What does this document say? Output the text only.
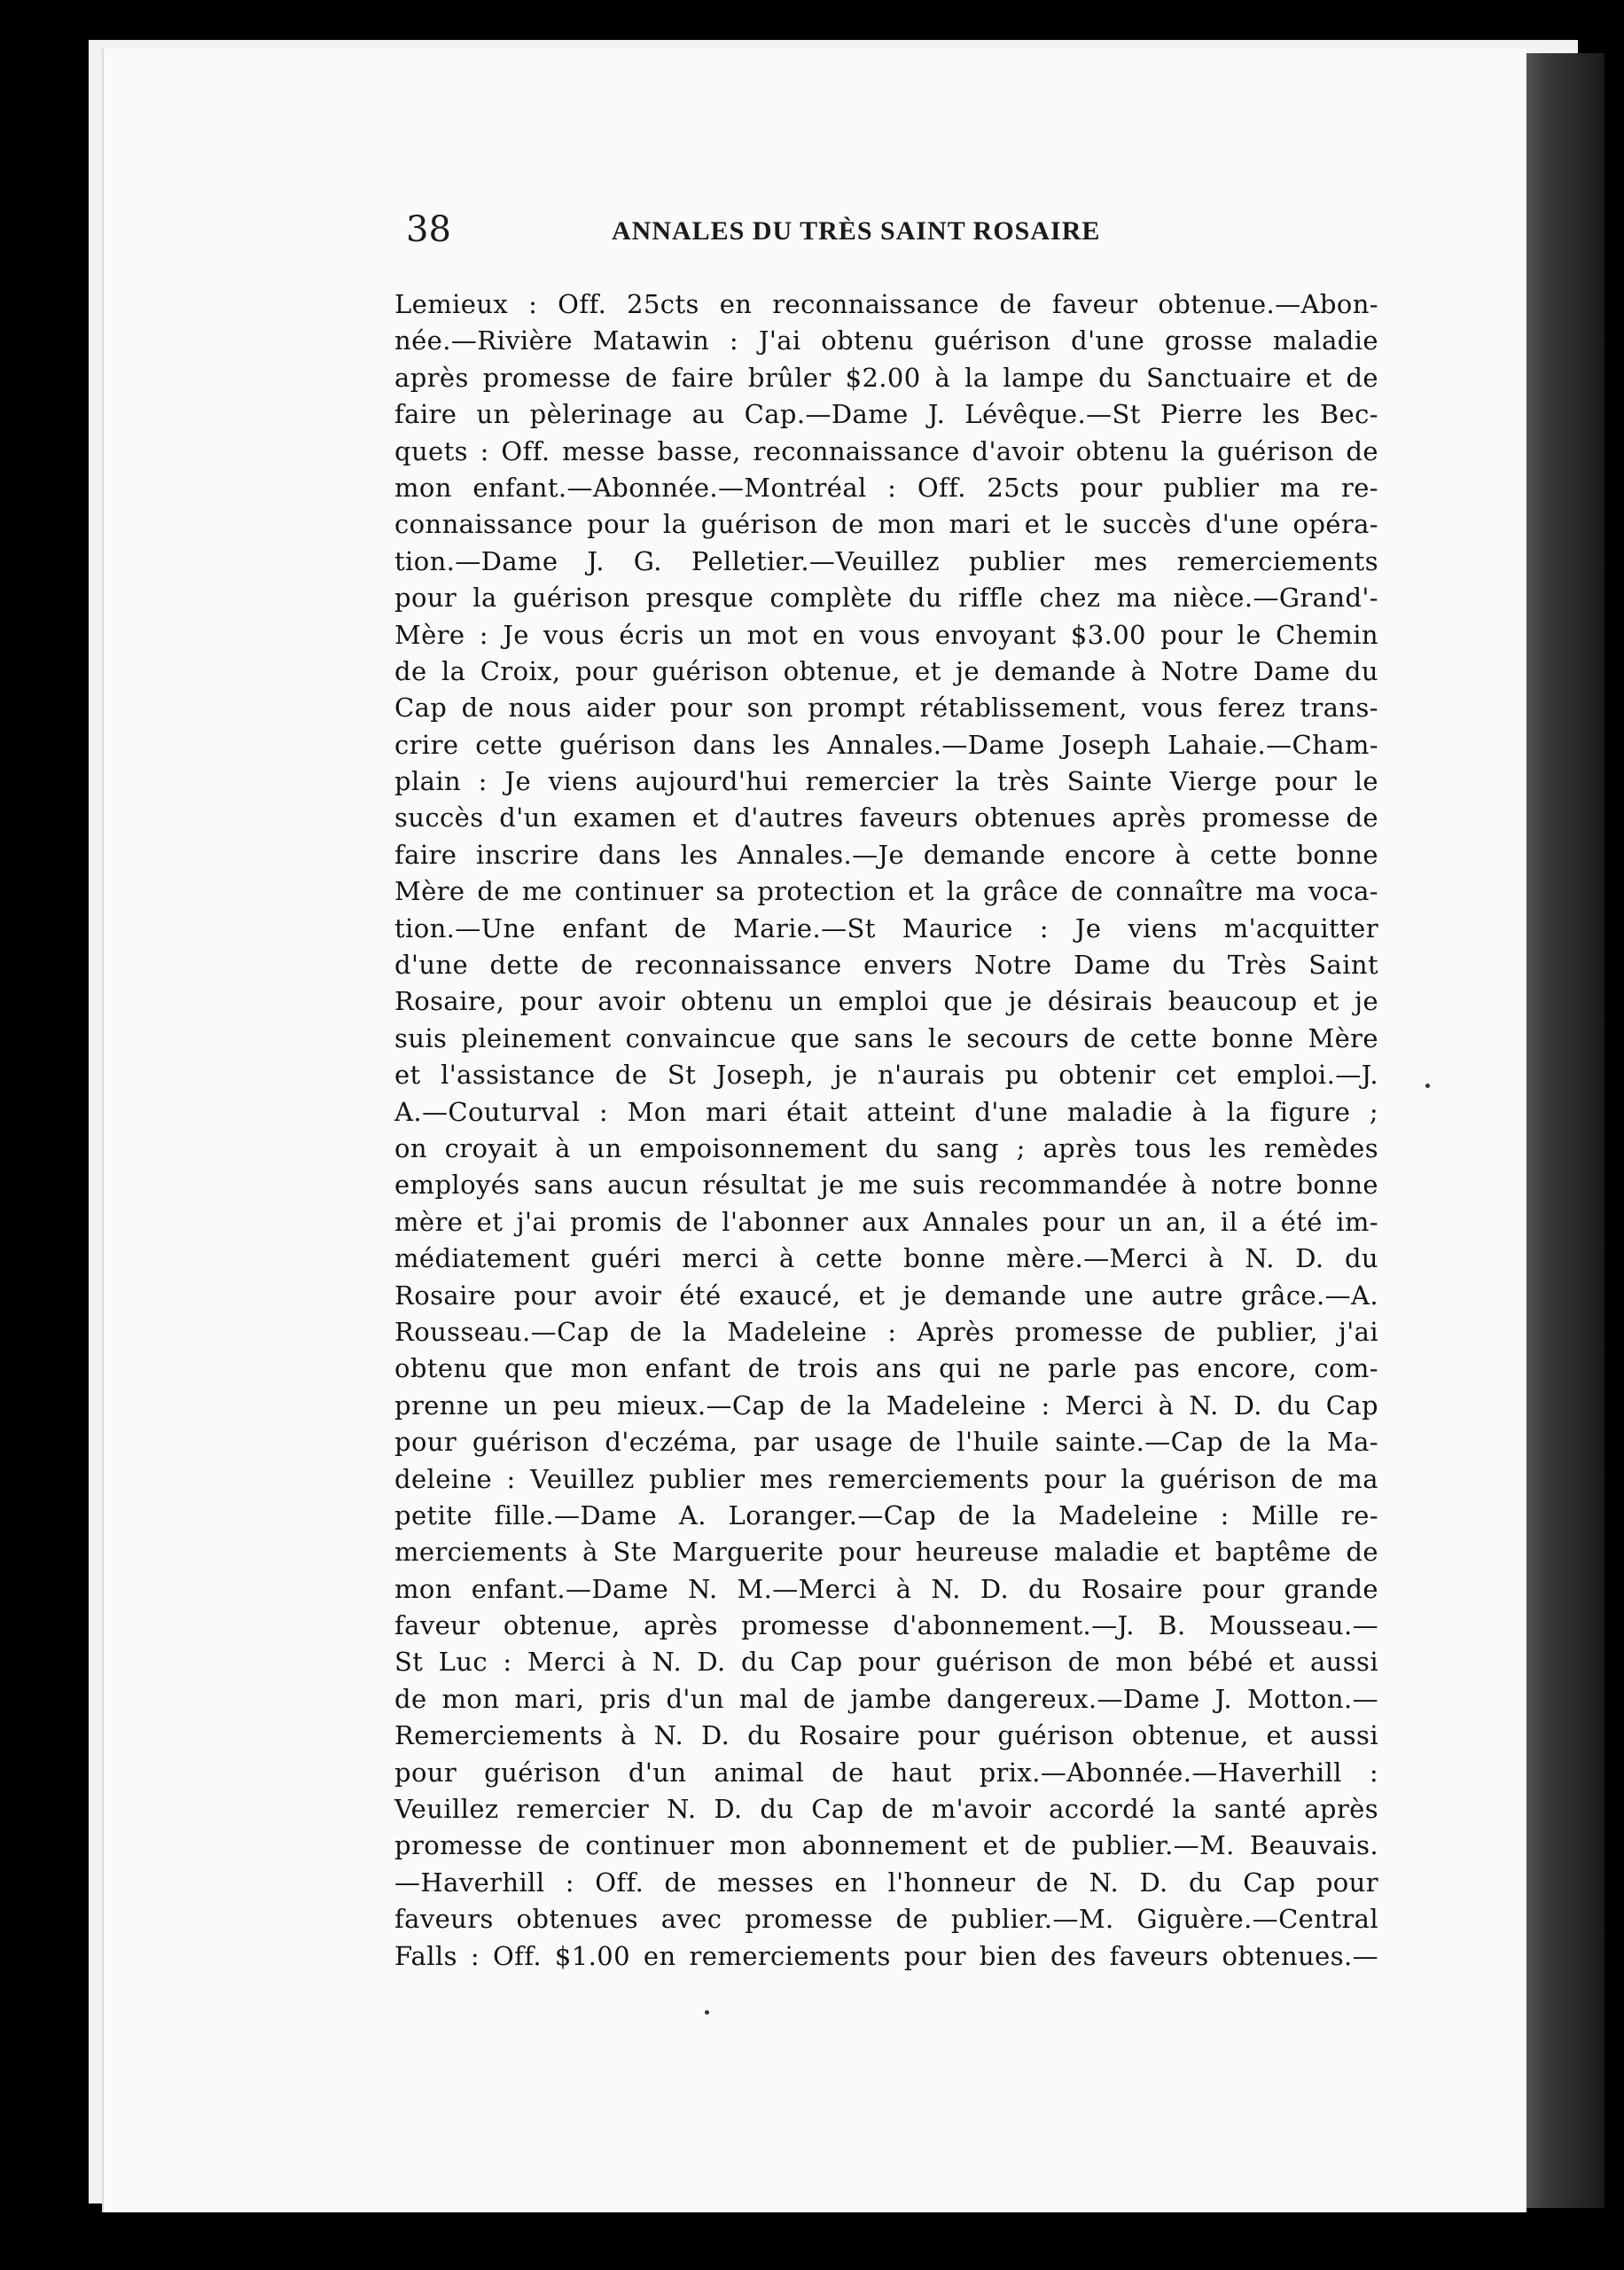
38	ANNALES DU TRÈS SAINT ROSAIRE
Lemieux : Off. 25cts en reconnaissance de faveur obtenue.—Abon-
née.—Rivière Matawin : J'ai obtenu guérison d'une grosse maladie
après promesse de faire brûler $2.00 à la lampe du Sanctuaire et de
faire un pèlerinage au Cap.—Dame J. Lévêque.—St Pierre les Bec-
quets : Off. messe basse, reconnaissance d'avoir obtenu la guérison de
mon enfant.—Abonnée.—Montréal : Off. 25cts pour publier ma re-
connaissance pour la guérison de mon mari et le succès d'une opéra-
tion.—Dame J. G. Pelletier.—Veuillez publier mes remerciements
pour la guérison presque complète du riffle chez ma nièce.—Grand'-
Mère : Je vous écris un mot en vous envoyant $3.00 pour le Chemin
de la Croix, pour guérison obtenue, et je demande à Notre Dame du
Cap de nous aider pour son prompt rétablissement, vous ferez trans-
crire cette guérison dans les Annales.—Dame Joseph Lahaie.—Cham-
plain : Je viens aujourd'hui remercier la très Sainte Vierge pour le
succès d'un examen et d'autres faveurs obtenues après promesse de
faire inscrire dans les Annales.—Je demande encore à cette bonne
Mère de me continuer sa protection et la grâce de connaître ma voca-
tion.—Une enfant de Marie.—St Maurice : Je viens m'acquitter
d'une dette de reconnaissance envers Notre Dame du Très Saint
Rosaire, pour avoir obtenu un emploi que je désirais beaucoup et je
suis pleinement convaincue que sans le secours de cette bonne Mère
et l'assistance de St Joseph, je n'aurais pu obtenir cet emploi.—J.
A.—Couturval : Mon mari était atteint d'une maladie à la figure ;
on croyait à un empoisonnement du sang ; après tous les remèdes
employés sans aucun résultat je me suis recommandée à notre bonne
mère et j'ai promis de l'abonner aux Annales pour un an, il a été im-
médiatement guéri merci à cette bonne mère.—Merci à N. D. du
Rosaire pour avoir été exaucé, et je demande une autre grâce.—A.
Rousseau.—Cap de la Madeleine : Après promesse de publier, j'ai
obtenu que mon enfant de trois ans qui ne parle pas encore, com-
prenne un peu mieux.—Cap de la Madeleine : Merci à N. D. du Cap
pour guérison d'eczéma, par usage de l'huile sainte.—Cap de la Ma-
deleine : Veuillez publier mes remerciements pour la guérison de ma
petite fille.—Dame A. Loranger.—Cap de la Madeleine : Mille re-
merciements à Ste Marguerite pour heureuse maladie et baptême de
mon enfant.—Dame N. M.—Merci à N. D. du Rosaire pour grande
faveur obtenue, après promesse d'abonnement.—J. B. Mousseau.—
St Luc : Merci à N. D. du Cap pour guérison de mon bébé et aussi
de mon mari, pris d'un mal de jambe dangereux.—Dame J. Motton.—
Remerciements à N. D. du Rosaire pour guérison obtenue, et aussi
pour guérison d'un animal de haut prix.—Abonnée.—Haverhill :
Veuillez remercier N. D. du Cap de m'avoir accordé la santé après
promesse de continuer mon abonnement et de publier.—M. Beauvais.
—Haverhill : Off. de messes en l'honneur de N. D. du Cap pour
faveurs obtenues avec promesse de publier.—M. Giguère.—Central
Falls : Off. $1.00 en remerciements pour bien des faveurs obtenues.—
